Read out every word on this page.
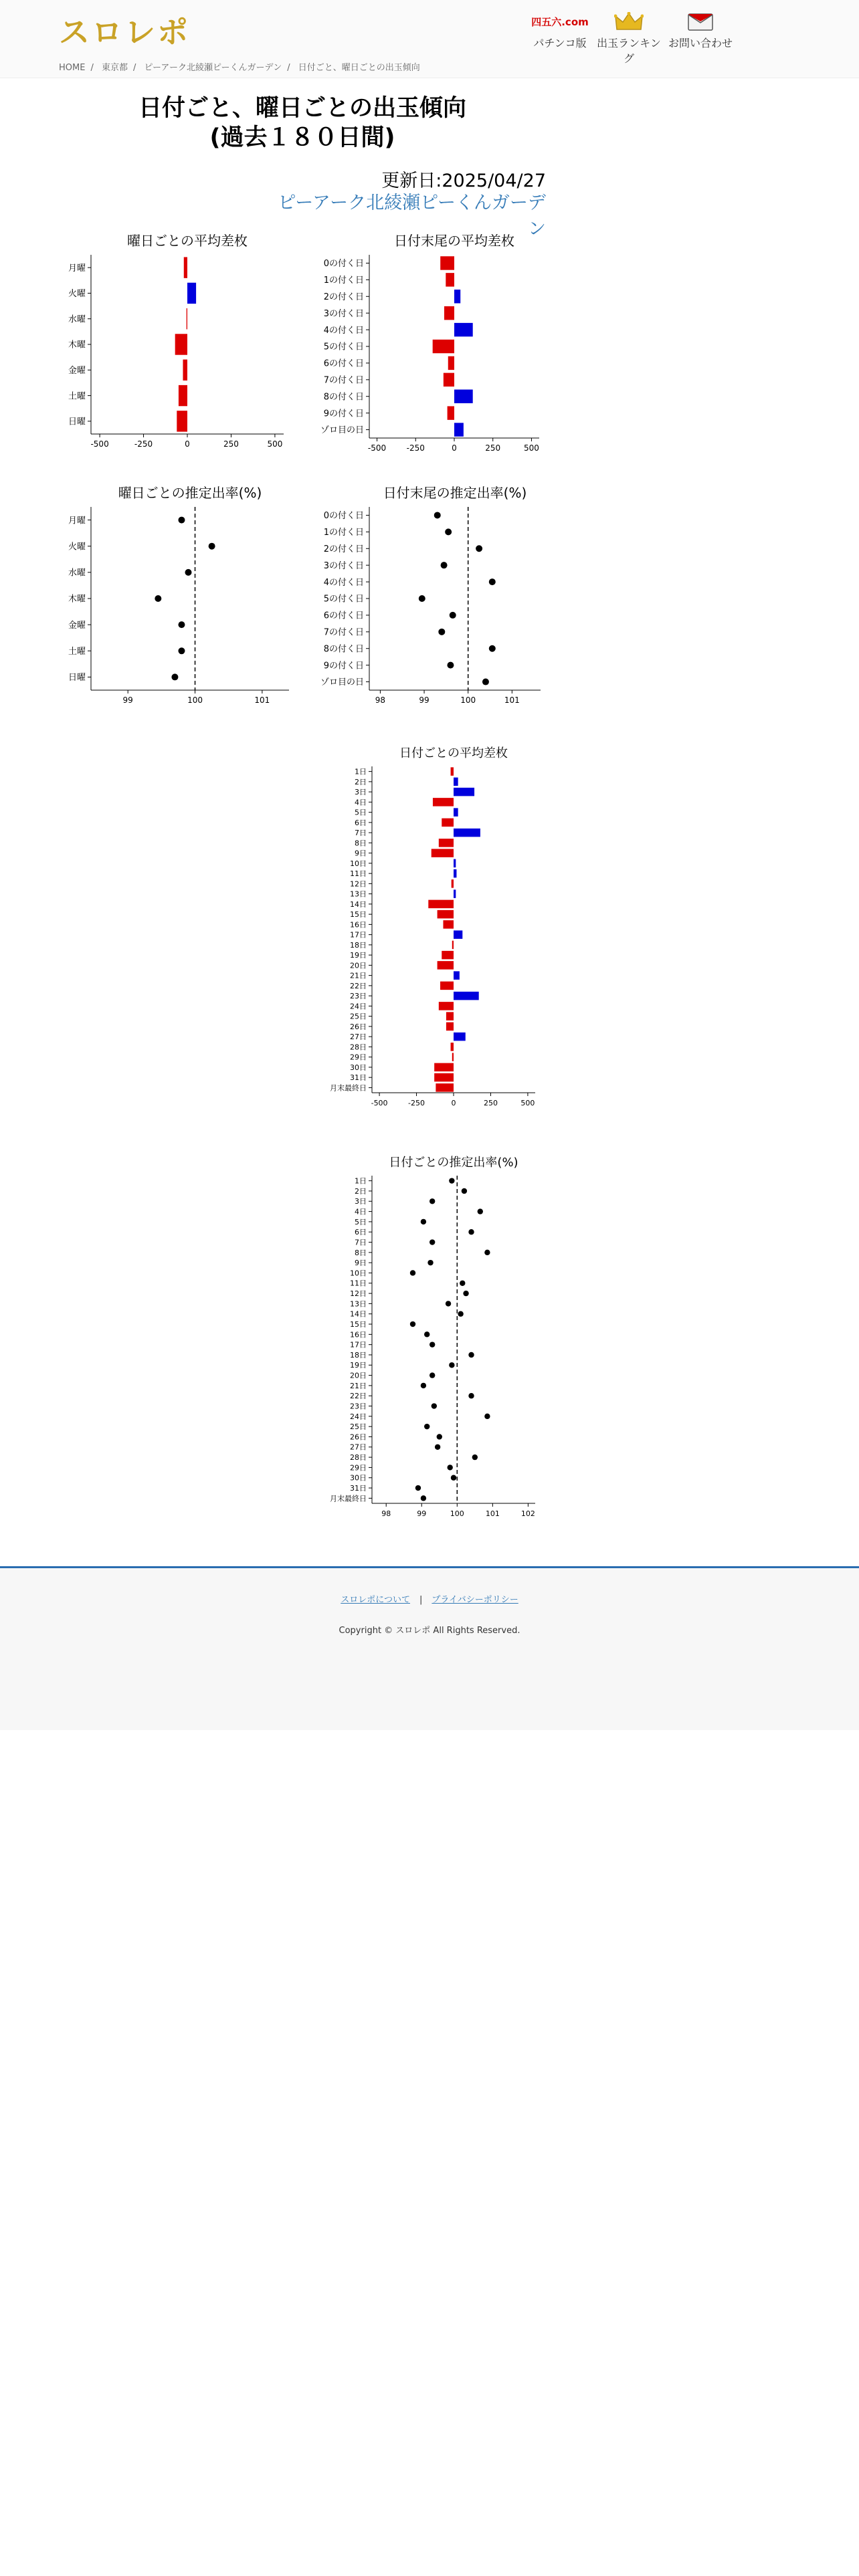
スロレポ	四五六.com
パチンコ版 出玉ランキング
お問い合わせ
HOME / 東京都 / ピーアーク北綾瀬ピーくんガーデン / 日付ごと、曜日ごとの出玉傾向
日付ごと、曜日ごとの出玉傾向
(過去１８０日間)
更新日:2025/04/27
ピーアーク北綾瀬ピーくんガーデン
曜日ごとの平均差枚
-500	-250	0	250	500
月曜
火曜
水曜
木曜
金曜
土曜
日曜
日付末尾の平均差枚
-500	-250	0	250	500
0の付く日
1の付く日
2の付く日
3の付く日
4の付く日
5の付く日
6の付く日
7の付く日
8の付く日
9の付く日
ゾロ目の日
曜日ごとの推定出率(%)
99	100	101
月曜
火曜
水曜
木曜
金曜
土曜
日曜
日付末尾の推定出率(%)
98	99	100	101
0の付く日
1の付く日
2の付く日
3の付く日
4の付く日
5の付く日
6の付く日
7の付く日
8の付く日
9の付く日
ゾロ目の日
日付ごとの平均差枚
-500	-250	0	250	500
1日
2日
3日
4日
5日
6日
7日
8日
9日
10日
11日
12日
13日
14日
15日
16日
17日
18日
19日
20日
21日
22日
23日
24日
25日
26日
27日
28日
29日
30日
31日
月末最終日
日付ごとの推定出率(%)
98	99	100	101	102
1日
2日
3日
4日
5日
6日
7日
8日
9日
10日
11日
12日
13日
14日
15日
16日
17日
18日
19日
20日
21日
22日
23日
24日
25日
26日
27日
28日
29日
30日
31日
月末最終日
スロレポについて | プライバシーポリシー
Copyright © スロレポ All Rights Reserved.
